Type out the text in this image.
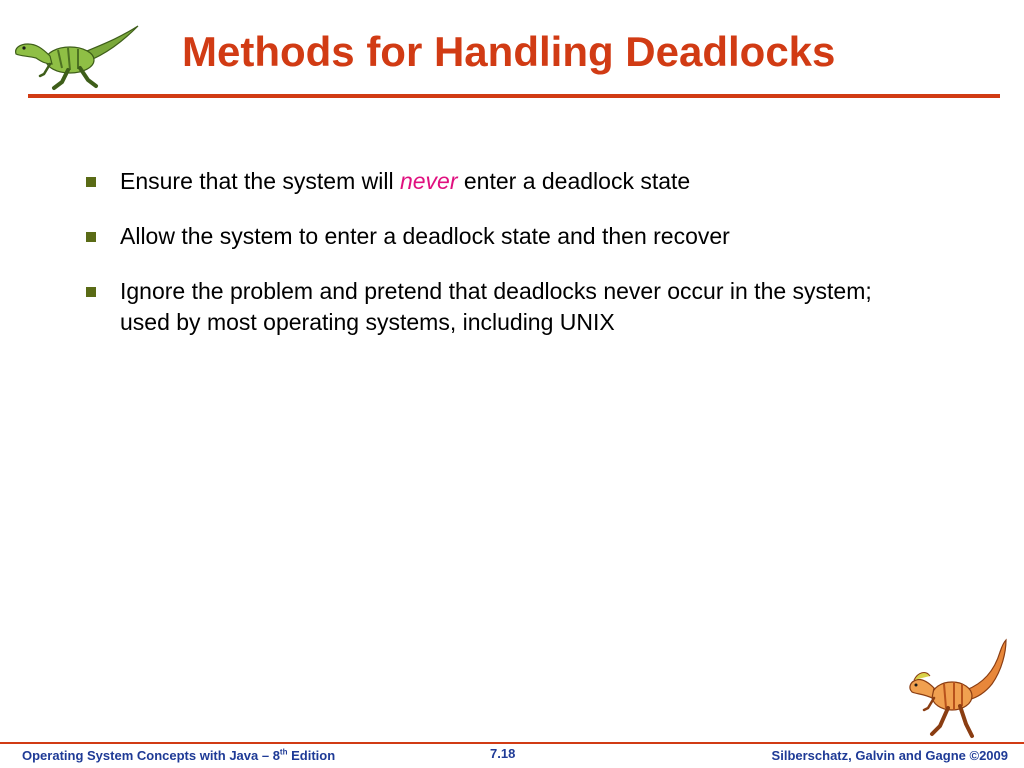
Methods for Handling Deadlocks
Ensure that the system will never enter a deadlock state
Allow the system to enter a deadlock state and then recover
Ignore the problem and pretend that deadlocks never occur in the system; used by most operating systems, including UNIX
Operating System Concepts with Java – 8th Edition	7.18	Silberschatz, Galvin and Gagne ©2009
